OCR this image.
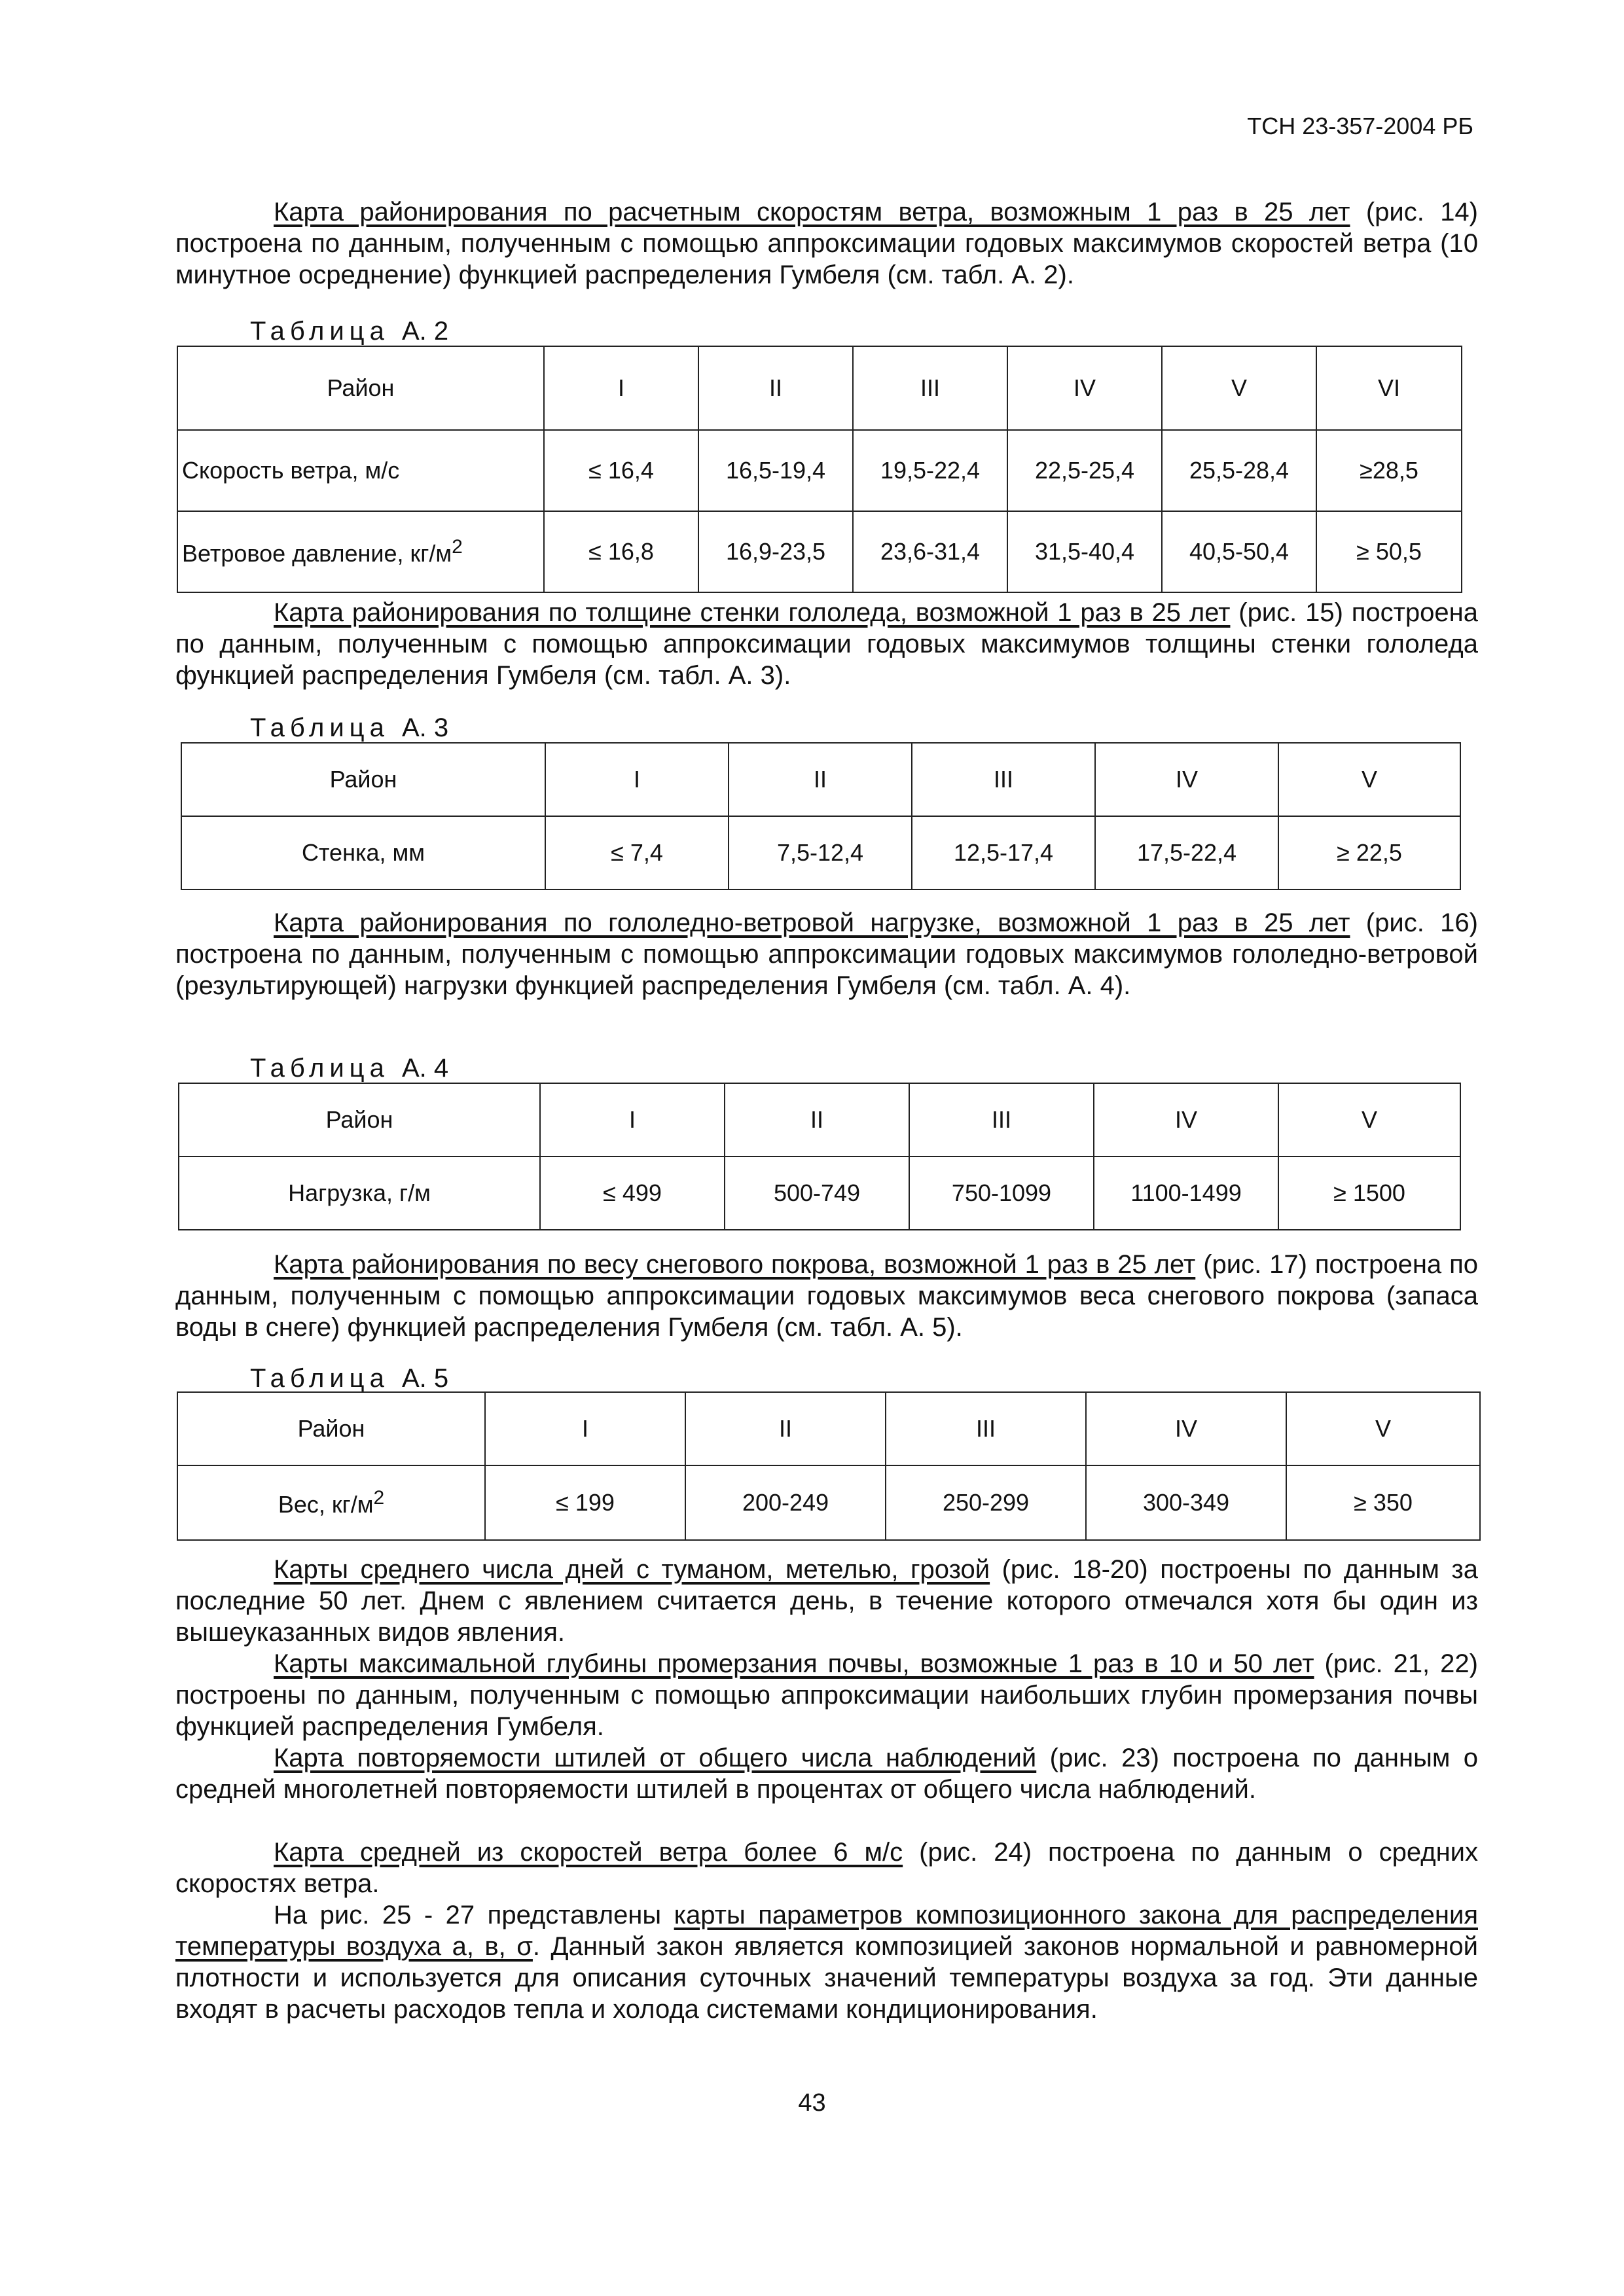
ТСН 23-357-2004 РБ
Карта районирования по расчетным скоростям ветра, возможным 1 раз в 25 лет (рис. 14) построена по данным, полученным с помощью аппроксимации годовых максимумов скоростей ветра (10 минутное осреднение) функцией распределения Гумбеля (см. табл. А. 2).
Таблица А. 2
Район	I	II	III	IV	V	VI
Скорость ветра, м/с	≤ 16,4	16,5-19,4	19,5-22,4	22,5-25,4	25,5-28,4	≥28,5
Ветровое давление, $кг/м^2$	≤ 16,8	16,9-23,5	23,6-31,4	31,5-40,4	40,5-50,4	≥ 50,5
Карта районирования по толщине стенки гололеда, возможной 1 раз в 25 лет (рис. 15) построена по данным, полученным с помощью аппроксимации годовых максимумов толщины стенки гололеда функцией распределения Гумбеля (см. табл. А. 3).
Таблица А. 3
Район	I	II	III	IV	V
Стенка, мм	≤ 7,4	7,5-12,4	12,5-17,4	17,5-22,4	≥ 22,5
Карта районирования по гололедно-ветровой нагрузке, возможной 1 раз в 25 лет (рис. 16) построена по данным, полученным с помощью аппроксимации годовых максимумов гололедно-ветровой (результирующей) нагрузки функцией распределения Гумбеля (см. табл. А. 4).
Таблица А. 4
Район	I	II	III	IV	V
Нагрузка, г/м	≤ 499	500-749	750-1099	1100-1499	≥ 1500
Карта районирования по весу снегового покрова, возможной 1 раз в 25 лет (рис. 17) построена по данным, полученным с помощью аппроксимации годовых максимумов веса снегового покрова (запаса воды в снеге) функцией распределения Гумбеля (см. табл. А. 5).
Таблица А. 5
Район	I	II	III	IV	V
Вес, $кг/м^2$	≤ 199	200-249	250-299	300-349	≥ 350
Карты среднего числа дней с туманом, метелью, грозой (рис. 18-20) построены по данным за последние 50 лет. Днем с явлением считается день, в течение которого отмечался хотя бы один из вышеуказанных видов явления.
Карты максимальной глубины промерзания почвы, возможные 1 раз в 10 и 50 лет (рис. 21, 22) построены по данным, полученным с помощью аппроксимации наибольших глубин промерзания почвы функцией распределения Гумбеля.
Карта повторяемости штилей от общего числа наблюдений (рис. 23) построена по данным о средней многолетней повторяемости штилей в процентах от общего числа наблюдений.
Карта средней из скоростей ветра более 6 м/с (рис. 24) построена по данным о средних скоростях ветра.
На рис. 25 - 27 представлены карты параметров композиционного закона для распределения температуры воздуха a, в, σ. Данный закон является композицией законов нормальной и равномерной плотности и используется для описания суточных значений температуры воздуха за год. Эти данные входят в расчеты расходов тепла и холода системами кондиционирования.
43
